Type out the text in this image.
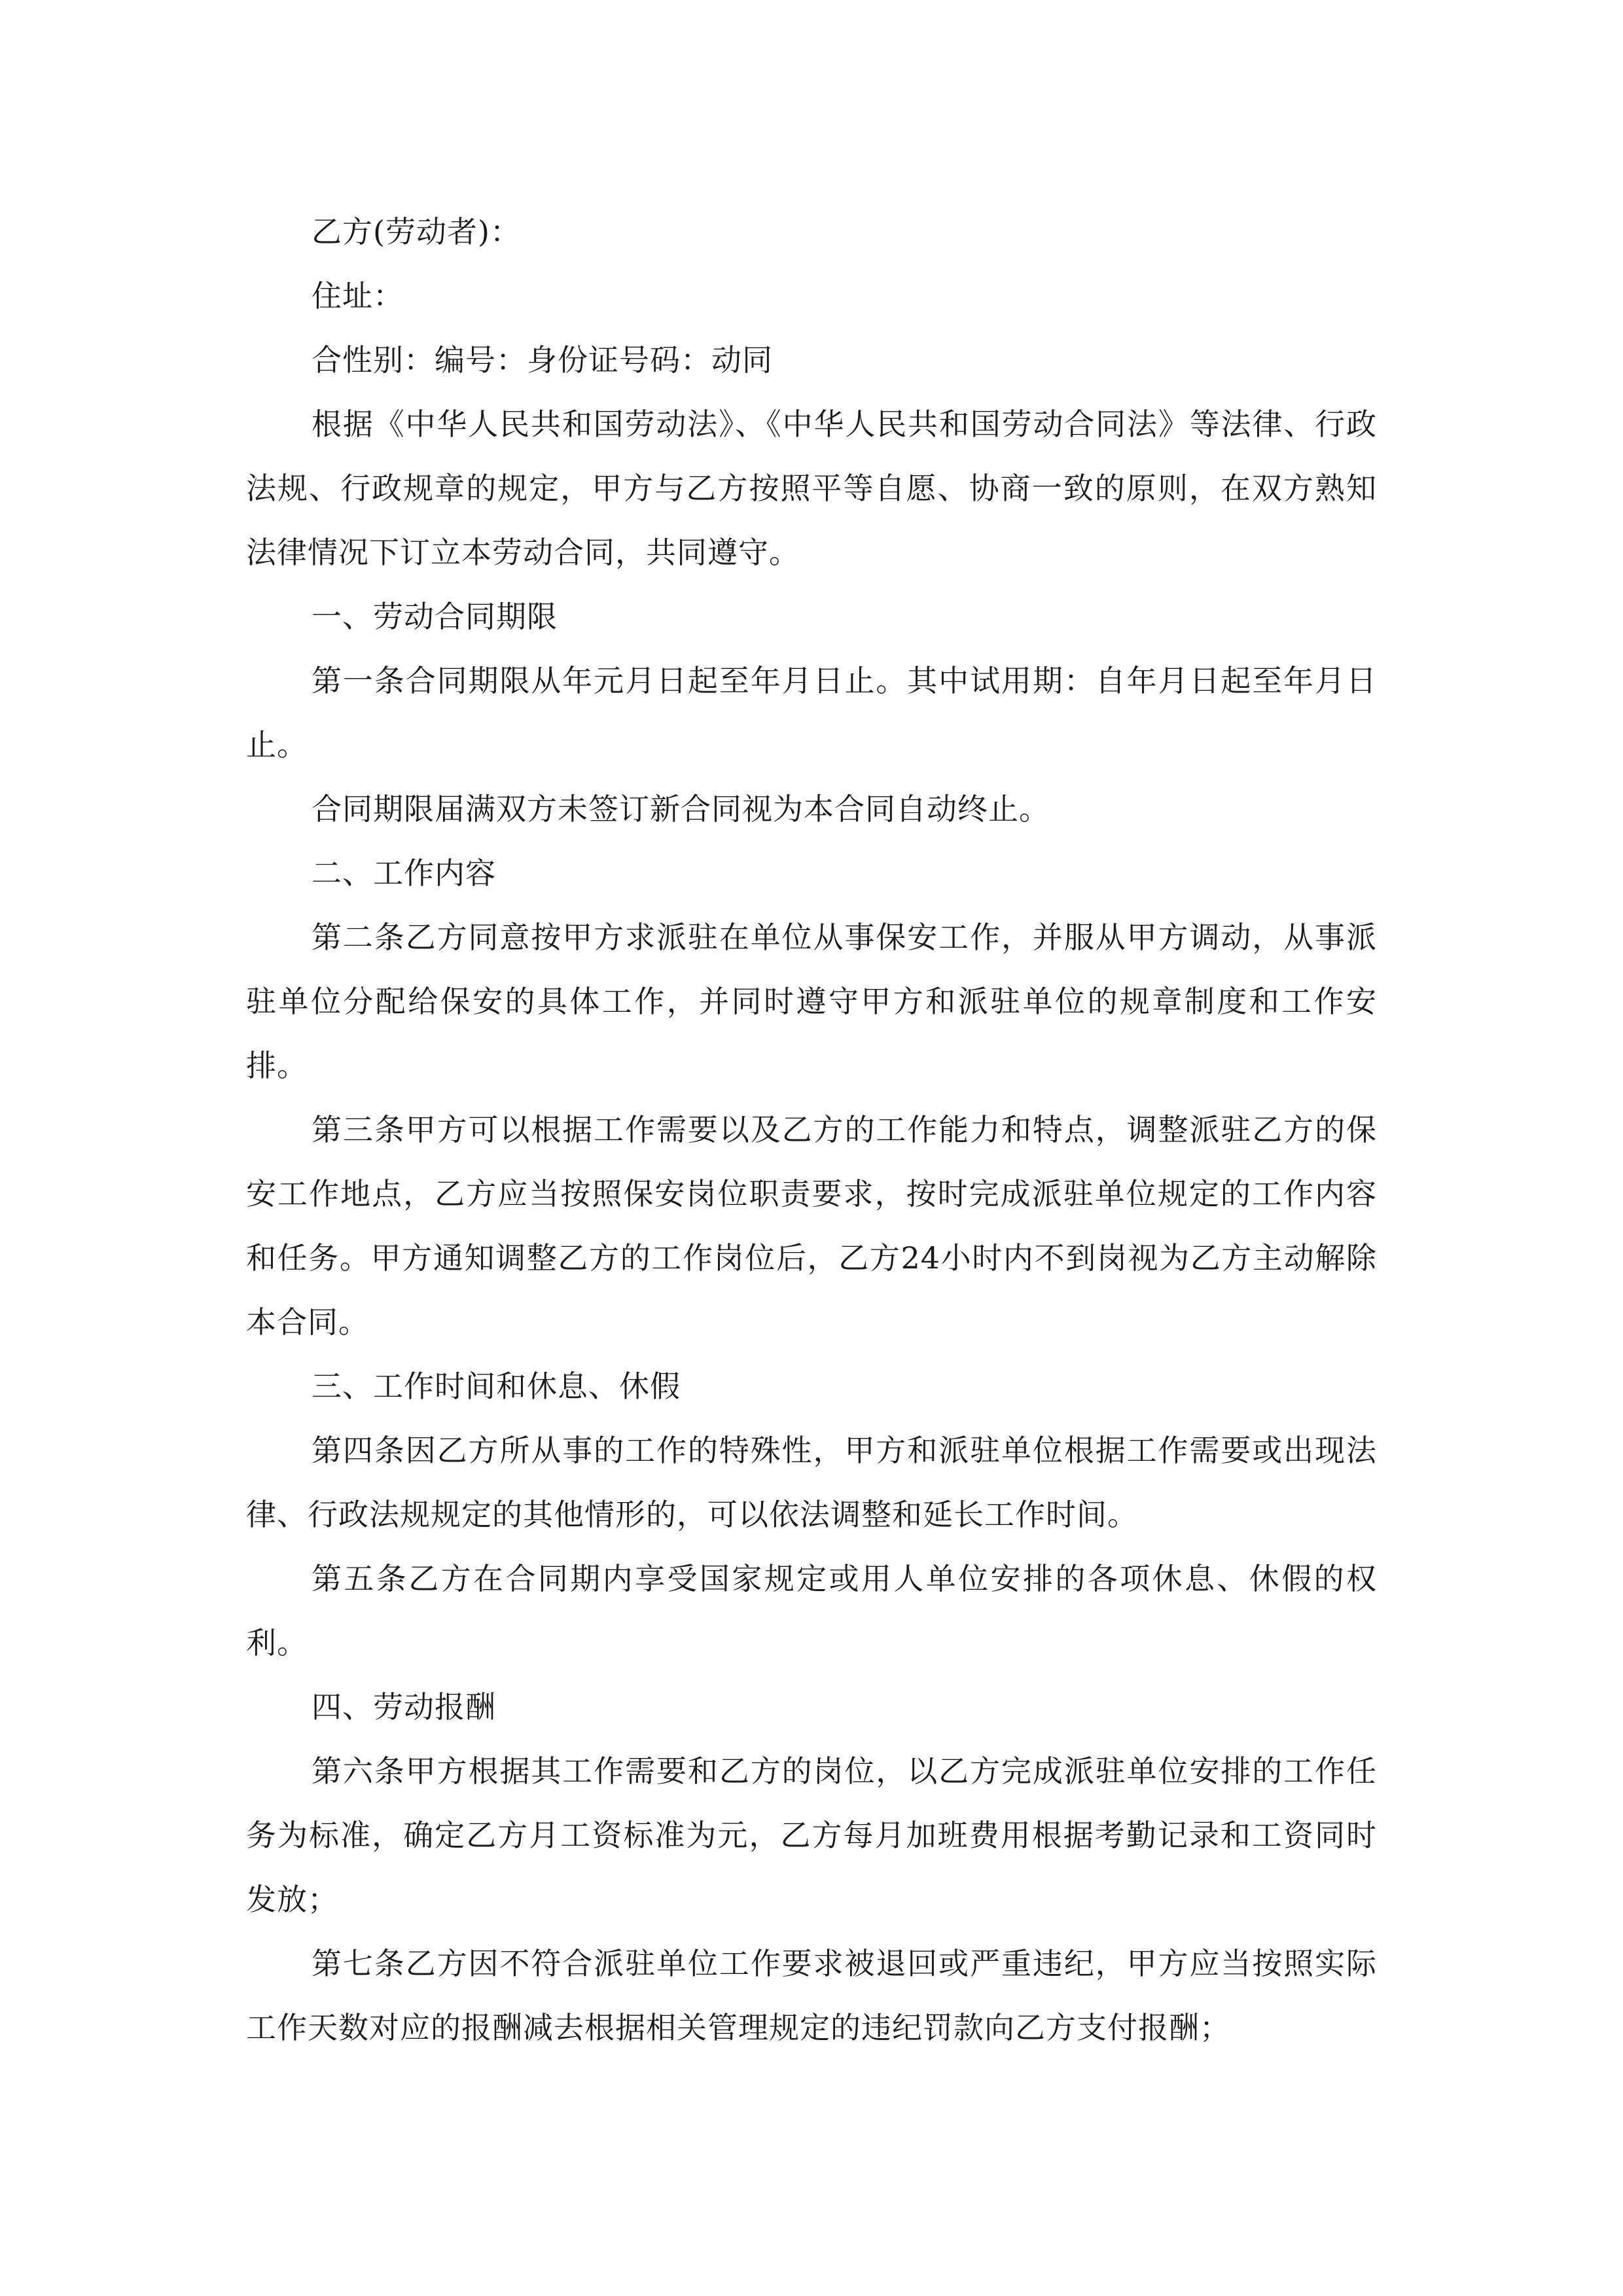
乙方(劳动者)：

住址：

合性别：编号：身份证号码：动同

根据《中华人民共和国劳动法》、《中华人民共和国劳动合同法》等法律、行政法规、行政规章的规定，甲方与乙方按照平等自愿、协商一致的原则，在双方熟知法律情况下订立本劳动合同，共同遵守。

一、劳动合同期限

第一条合同期限从年元月日起至年月日止。其中试用期：自年月日起至年月日止。

合同期限届满双方未签订新合同视为本合同自动终止。

二、工作内容

第二条乙方同意按甲方求派驻在单位从事保安工作，并服从甲方调动，从事派驻单位分配给保安的具体工作，并同时遵守甲方和派驻单位的规章制度和工作安排。

第三条甲方可以根据工作需要以及乙方的工作能力和特点，调整派驻乙方的保安工作地点，乙方应当按照保安岗位职责要求，按时完成派驻单位规定的工作内容和任务。甲方通知调整乙方的工作岗位后，乙方24小时内不到岗视为乙方主动解除本合同。

三、工作时间和休息、休假

第四条因乙方所从事的工作的特殊性，甲方和派驻单位根据工作需要或出现法律、行政法规规定的其他情形的，可以依法调整和延长工作时间。

第五条乙方在合同期内享受国家规定或用人单位安排的各项休息、休假的权利。

四、劳动报酬

第六条甲方根据其工作需要和乙方的岗位，以乙方完成派驻单位安排的工作任务为标准，确定乙方月工资标准为元，乙方每月加班费用根据考勤记录和工资同时发放；

第七条乙方因不符合派驻单位工作要求被退回或严重违纪，甲方应当按照实际工作天数对应的报酬减去根据相关管理规定的违纪罚款向乙方支付报酬；
